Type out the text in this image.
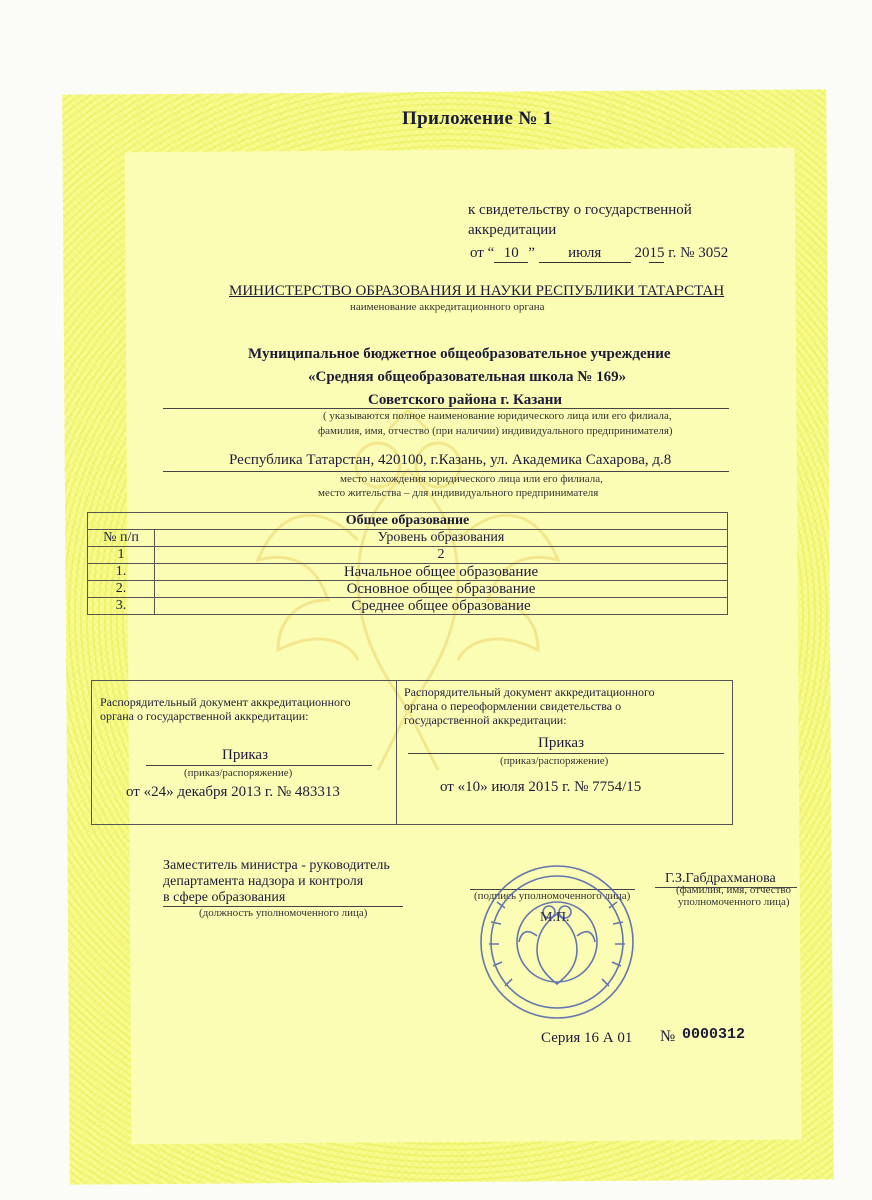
Приложение № 1
к свидетельству о государственной
аккредитации
от “ 10 ” июля 2015 г. № 3052
МИНИСТЕРСТВО ОБРАЗОВАНИЯ И НАУКИ РЕСПУБЛИКИ ТАТАРСТАН
наименование аккредитационного органа
Муниципальное бюджетное общеобразовательное учреждение
«Средняя общеобразовательная школа № 169»
Советского района г. Казани
( указываются полное наименование юридического лица или его филиала,
фамилия, имя, отчество (при наличии) индивидуального предпринимателя)
Республика Татарстан, 420100, г.Казань, ул. Академика Сахарова, д.8
место нахождения юридического лица или его филиала,
место жительства – для индивидуального предпринимателя
Общее образование	
№ п/п	Уровень образования
1	2
1.	Начальное общее образование
2.	Основное общее образование
3.	Среднее общее образование
Распорядительный документ аккредитационного
органа о государственной аккредитации:
Приказ
(приказ/распоряжение)
от «24» декабря 2013 г. № 483313
Распорядительный документ аккредитационного
органа о переоформлении свидетельства о
государственной аккредитации:
Приказ
(приказ/распоряжение)
от «10» июля 2015 г. № 7754/15
Заместитель министра - руководитель
департамента надзора и контроля
в сфере образования
(должность уполномоченного лица)
(подпись уполномоченного лица)
Г.З.Габдрахманова
(фамилия, имя, отчество
уполномоченного лица)
М.П.
Серия 16 А 01 № 0000312
